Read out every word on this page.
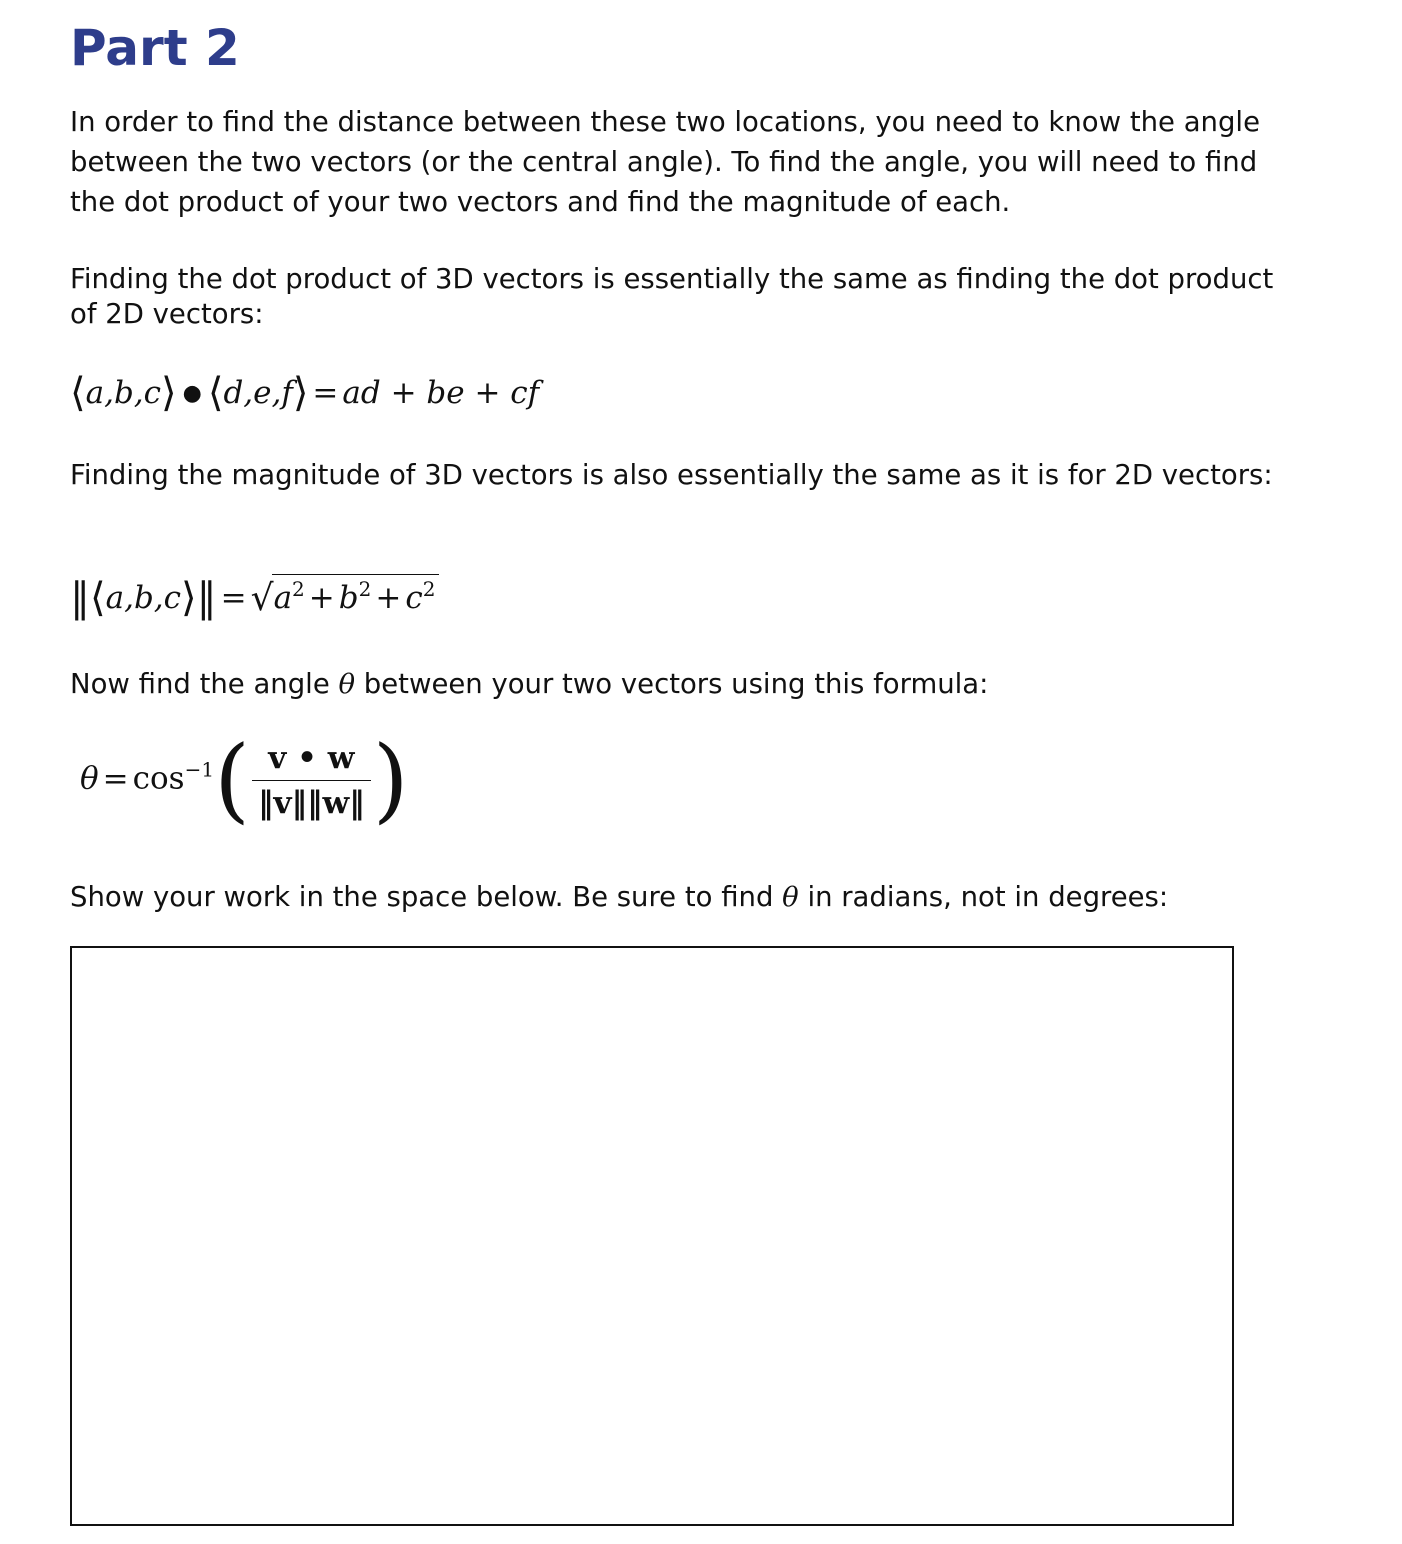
Part 2

In order to find the distance between these two locations, you need to know the angle between the two vectors (or the central angle). To find the angle, you will need to find the dot product of your two vectors and find the magnitude of each.

Finding the dot product of 3D vectors is essentially the same as finding the dot product of 2D vectors:

⟨a,b,c⟩ ● ⟨d,e,f⟩ = ad + be + cf

Finding the magnitude of 3D vectors is also essentially the same as it is for 2D vectors:

‖⟨a,b,c⟩‖ = $√a^2 + b^2 + c^2$

Now find the angle θ between your two vectors using this formula:

$\theta = \cos^{-1}( \frac{v • w}{‖v‖‖w‖}$ )

Show your work in the space below. Be sure to find θ in radians, not in degrees:
